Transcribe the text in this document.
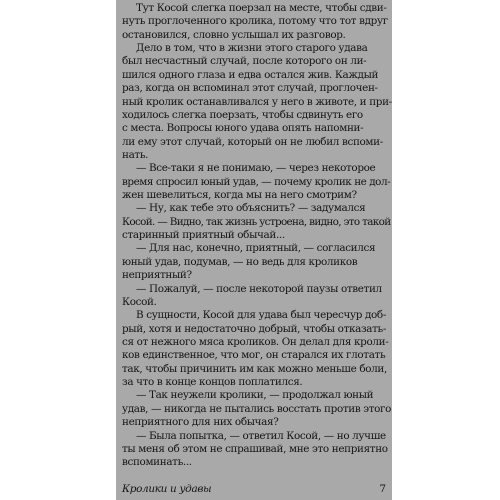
Тут Косой слегка поерзал на месте, чтобы сдви-
нуть проглоченного кролика, потому что тот вдруг
остановился, словно услышал их разговор.
Дело в том, что в жизни этого старого удава
был несчастный случай, после которого он ли-
шился одного глаза и едва остался жив. Каждый
раз, когда он вспоминал этот случай, проглочен-
ный кролик останавливался у него в животе, и при-
ходилось слегка поерзать, чтобы сдвинуть его
с места. Вопросы юного удава опять напомни-
ли ему этот случай, который он не любил вспоми-
нать.
— Все-таки я не понимаю, — через некоторое
время спросил юный удав, — почему кролик не дол-
жен шевелиться, когда мы на него смотрим?
— Ну, как тебе это объяснить? — задумался
Косой. — Видно, так жизнь устроена, видно, это такой
старинный приятный обычай...
— Для нас, конечно, приятный, — согласился
юный удав, подумав, — но ведь для кроликов
неприятный?
— Пожалуй, — после некоторой паузы ответил
Косой.
В сущности, Косой для удава был чересчур доб-
рый, хотя и недостаточно добрый, чтобы отказать-
ся от нежного мяса кроликов. Он делал для кроли-
ков единственное, что мог, он старался их глотать
так, чтобы причинить им как можно меньше боли,
за что в конце концов поплатился.
— Так неужели кролики, — продолжал юный
удав, — никогда не пытались восстать против этого
неприятного для них обычая?
— Была попытка, — ответил Косой, — но лучше
ты меня об этом не спрашивай, мне это неприятно
вспоминать...
Кролики и удавы	7
